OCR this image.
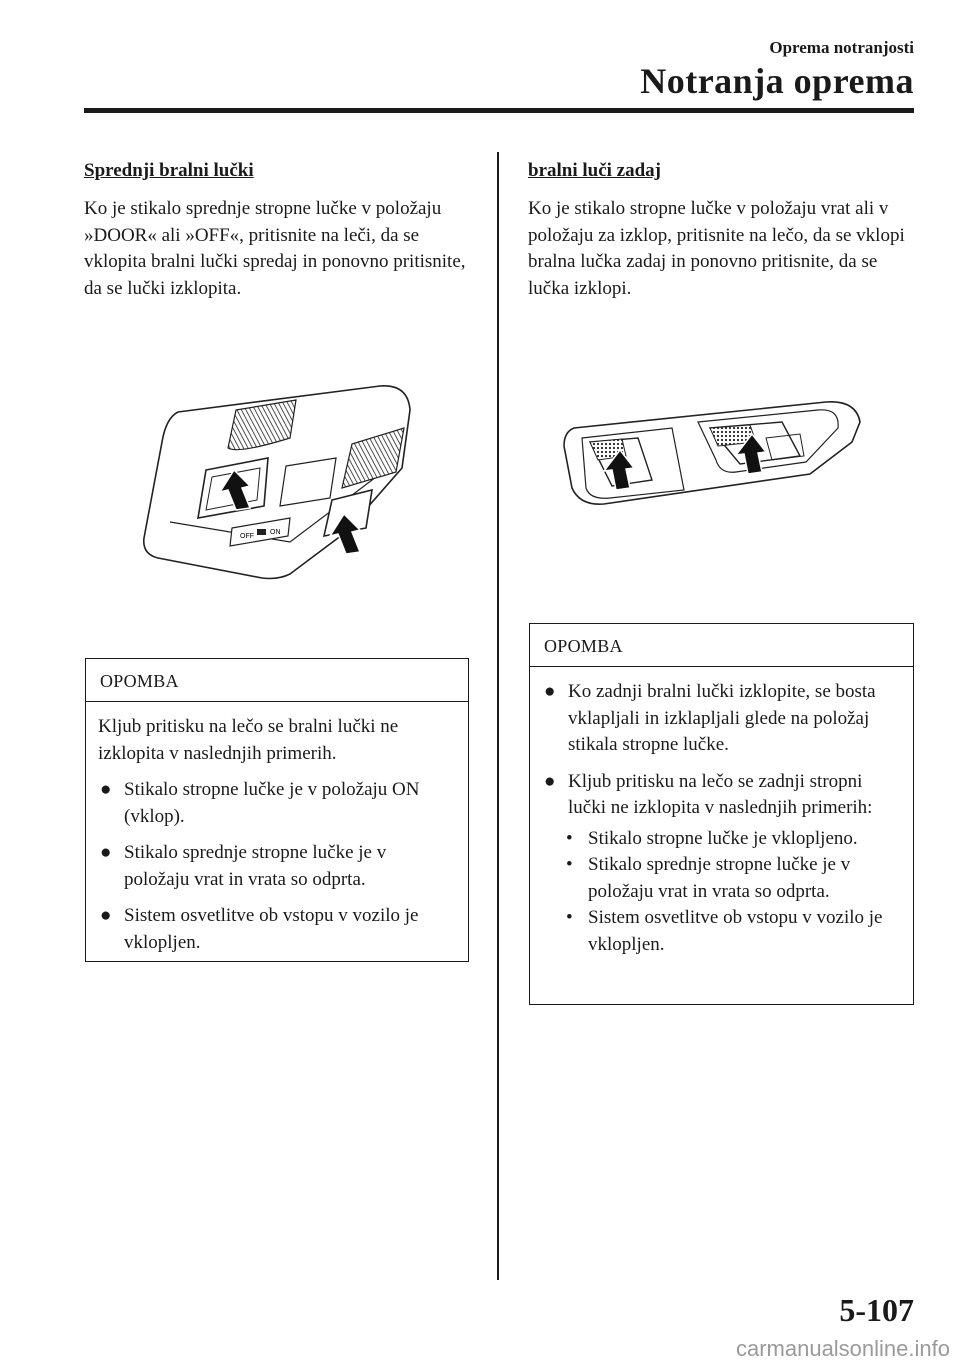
Oprema notranjosti
Notranja oprema
Sprednji bralni lučki

Ko je stikalo sprednje stropne lučke v položaju »DOOR« ali »OFF«, pritisnite na leči, da se vklopita bralni lučki spredaj in ponovno pritisnite, da se lučki izklopita.

OFF
ON
OPOMBA

Kljub pritisku na lečo se bralni lučki ne izklopita v naslednjih primerih.

● Stikalo stropne lučke je v položaju ON (vklop).
● Stikalo sprednje stropne lučke je v položaju vrat in vrata so odprta.
● Sistem osvetlitve ob vstopu v vozilo je vklopljen.
bralni luči zadaj

Ko je stikalo stropne lučke v položaju vrat ali v položaju za izklop, pritisnite na lečo, da se vklopi bralna lučka zadaj in ponovno pritisnite, da se lučka izklopi.

OPOMBA
● Ko zadnji bralni lučki izklopite, se bosta vklapljali in izklapljali glede na položaj stikala stropne lučke.
● Kljub pritisku na lečo se zadnji stropni lučki ne izklopita v naslednjih primerih:
• Stikalo stropne lučke je vklopljeno.
• Stikalo sprednje stropne lučke je v položaju vrat in vrata so odprta.
• Sistem osvetlitve ob vstopu v vozilo je vklopljen.
5-107
carmanualsonline.info
